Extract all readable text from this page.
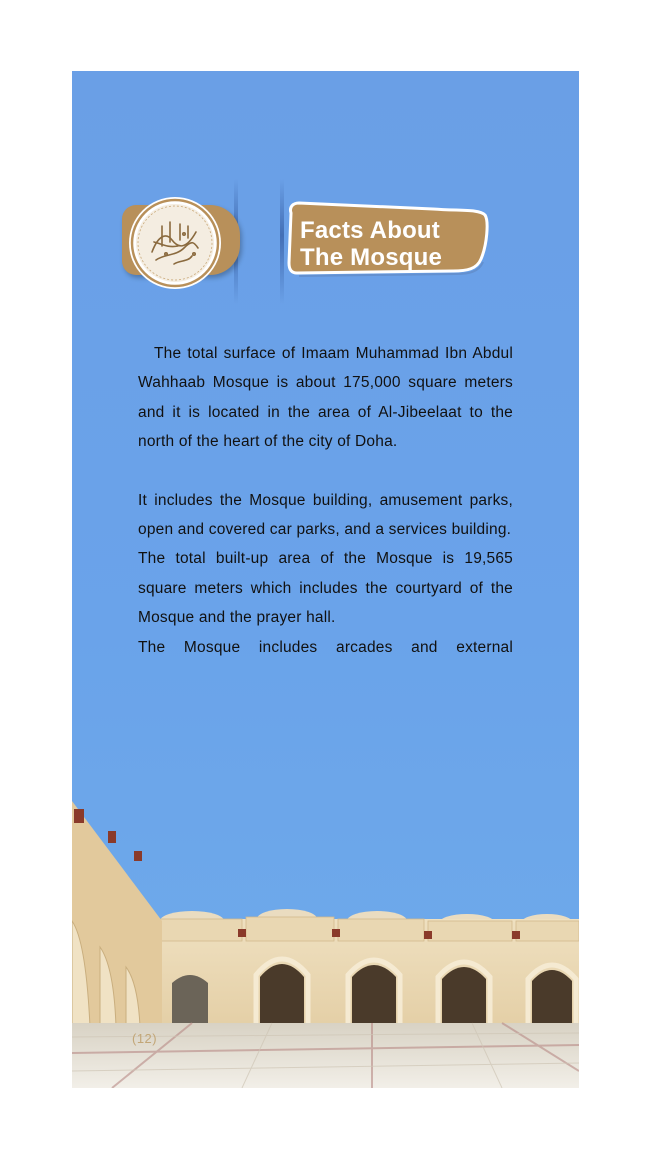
Facts About
The Mosque

The total surface of Imaam Muhammad Ibn Abdul Wahhaab Mosque is about 175,000 square meters and it is located in the area of Al-Jibeelaat to the north of the heart of the city of Doha.

It includes the Mosque building, amusement parks, open and covered car parks, and a services building.

The total built-up area of the Mosque is 19,565 square meters which includes the courtyard of the Mosque and the prayer hall.

The Mosque includes arcades and external

(12)
